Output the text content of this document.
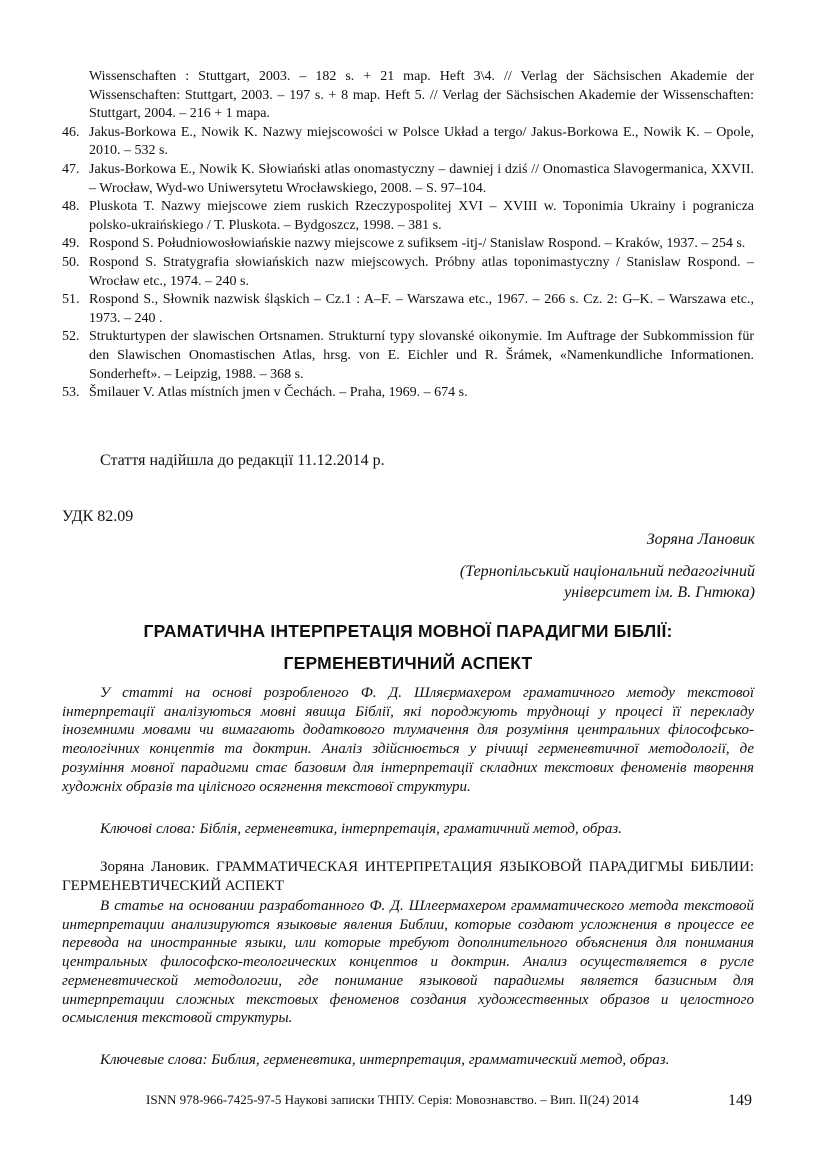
Wissenschaften : Stuttgart, 2003. – 182 s. + 21 map. Heft 3\4. // Verlag der Sächsischen Akademie der Wissenschaften: Stuttgart, 2003. – 197 s. + 8 map. Heft 5. // Verlag der Sächsischen Akademie der Wissenschaften: Stuttgart, 2004. – 216 + 1 mapa.
46. Jakus-Borkowa E., Nowik K. Nazwy miejscowości w Polsce Układ a tergo/ Jakus-Borkowa E., Nowik K. – Opole, 2010. – 532 s.
47. Jakus-Borkowa E., Nowik K. Słowiański atlas onomastyczny – dawniej i dziś // Onomastica Slavogermanica, XXVII. – Wrocław, Wyd-wo Uniwersytetu Wrocławskiego, 2008. – S. 97–104.
48. Pluskota T. Nazwy miejscowe ziem ruskich Rzeczypospolitej XVI – XVIII w. Toponimia Ukrainy i pogranicza polsko-ukraińskiego / T. Pluskota. – Bydgoszcz, 1998. – 381 s.
49. Rospond S. Południowosłowiańskie nazwy miejscowe z sufiksem -itj-/ Stanislaw Rospond. – Kraków, 1937. – 254 s.
50. Rospond S. Stratygrafia słowiańskich nazw miejscowych. Próbny atlas toponimastyczny / Stanislaw Rospond. – Wrocław etc., 1974. – 240 s.
51. Rospond S., Słownik nazwisk śląskich – Cz.1 : A–F. – Warszawa etc., 1967. – 266 s. Cz. 2: G–K. – Warszawa etc., 1973. – 240 .
52. Strukturtypen der slawischen Ortsnamen. Strukturní typy slovanské oikonymie. Im Auftrage der Subkommission für den Slawischen Onomastischen Atlas, hrsg. von E. Eichler und R. Šrámek, «Namenkundliche Informationen. Sonderheft». – Leipzig, 1988. – 368 s.
53. Šmilauer V. Atlas místních jmen v Čechách. – Praha, 1969. – 674 s.
Стаття надійшла до редакції 11.12.2014 р.
УДК 82.09
Зоряна Лановик
(Тернопільський національний педагогічний
університет ім. В. Гнтюка)
ГРАМАТИЧНА ІНТЕРПРЕТАЦІЯ МОВНОЇ ПАРАДИГМИ БІБЛІЇ:
ГЕРМЕНЕВТИЧНИЙ АСПЕКТ
У статті на основі розробленого Ф. Д. Шляєрмахером граматичного методу текстової інтерпретації аналізуються мовні явища Біблії, які породжують труднощі у процесі її перекладу іноземними мовами чи вимагають додаткового тлумачення для розуміння центральних філософсько-теологічних концептів та доктрин. Аналіз здійснюється у річищі герменевтичної методології, де розуміння мовної парадигми стає базовим для інтерпретації складних текстових феноменів творення художніх образів та цілісного осягнення текстової структури.
Ключові слова: Біблія, герменевтика, інтерпретація, граматичний метод, образ.
Зоряна Лановик. ГРАММАТИЧЕСКАЯ ИНТЕРПРЕТАЦИЯ ЯЗЫКОВОЙ ПАРАДИГМЫ БИБЛИИ: ГЕРМЕНЕВТИЧЕСКИЙ АСПЕКТ
В статье на основании разработанного Ф. Д. Шлеермахером грамматического метода текстовой интерпретации анализируются языковые явления Библии, которые создают усложнения в процессе ее перевода на иностранные языки, или которые требуют дополнительного объяснения для понимания центральных философско-теологических концептов и доктрин. Анализ осуществляется в русле герменевтической методологии, где понимание языковой парадигмы является базисным для интерпретации сложных текстовых феноменов создания художественных образов и целостного осмысления текстовой структуры.
Ключевые слова: Библия, герменевтика, интерпретация, грамматический метод, образ.
ISNN 978-966-7425-97-5 Наукові записки ТНПУ. Серія: Мовознавство. – Вип. ІІ(24) 2014	149
